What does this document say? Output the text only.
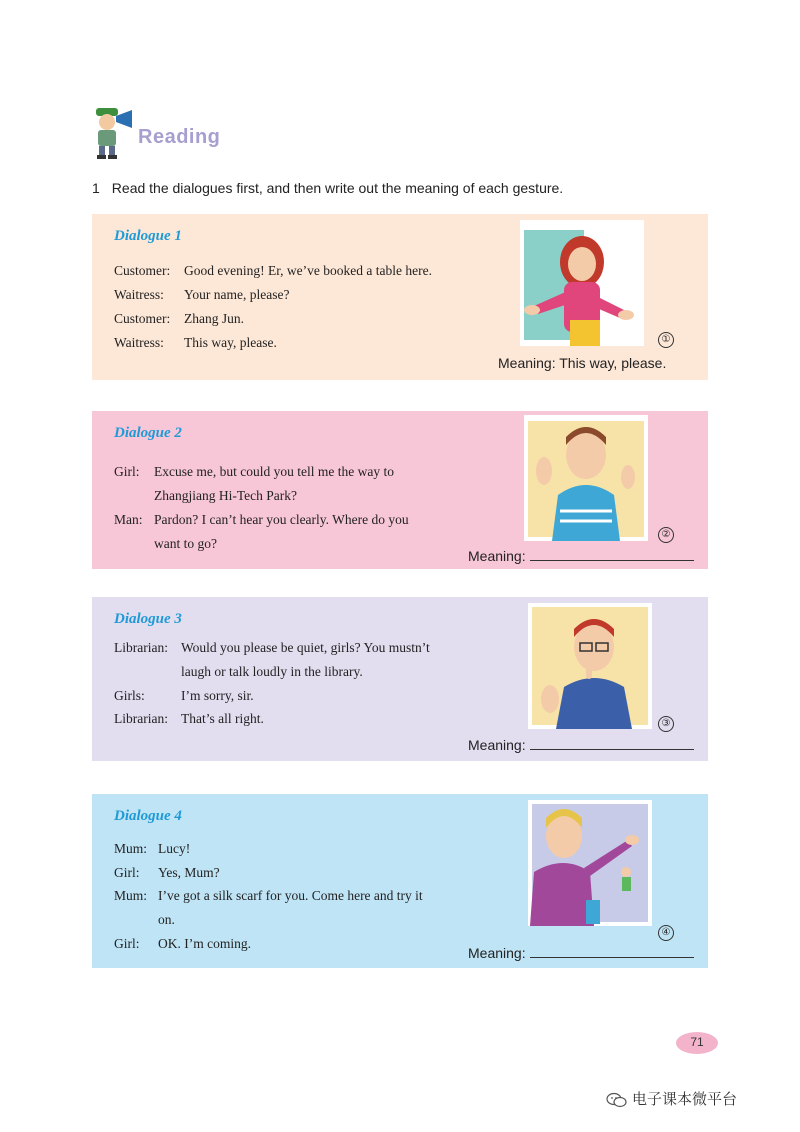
Reading
1 Read the dialogues first, and then write out the meaning of each gesture.
Dialogue 1
Customer: Good evening! Er, we’ve booked a table here.
Waitress: Your name, please?
Customer: Zhang Jun.
Waitress: This way, please.	①
Meaning: This way, please.
Dialogue 2
Girl: Excuse me, but could you tell me the way to
Zhangjiang Hi-Tech Park?
Man: Pardon? I can’t hear you clearly. Where do you
want to go?
②
Meaning:
Dialogue 3
Librarian: Would you please be quiet, girls? You mustn’t
laugh or talk loudly in the library.
Girls:	I’m sorry, sir.
Librarian: That’s all right.	③
Meaning:
Dialogue 4
Mum: Lucy!
Girl: Yes, Mum?
Mum: I’ve got a silk scarf for you. Come here and try it
on.
Girl: OK. I’m coming.
④
Meaning:
71
电子课本微平台
